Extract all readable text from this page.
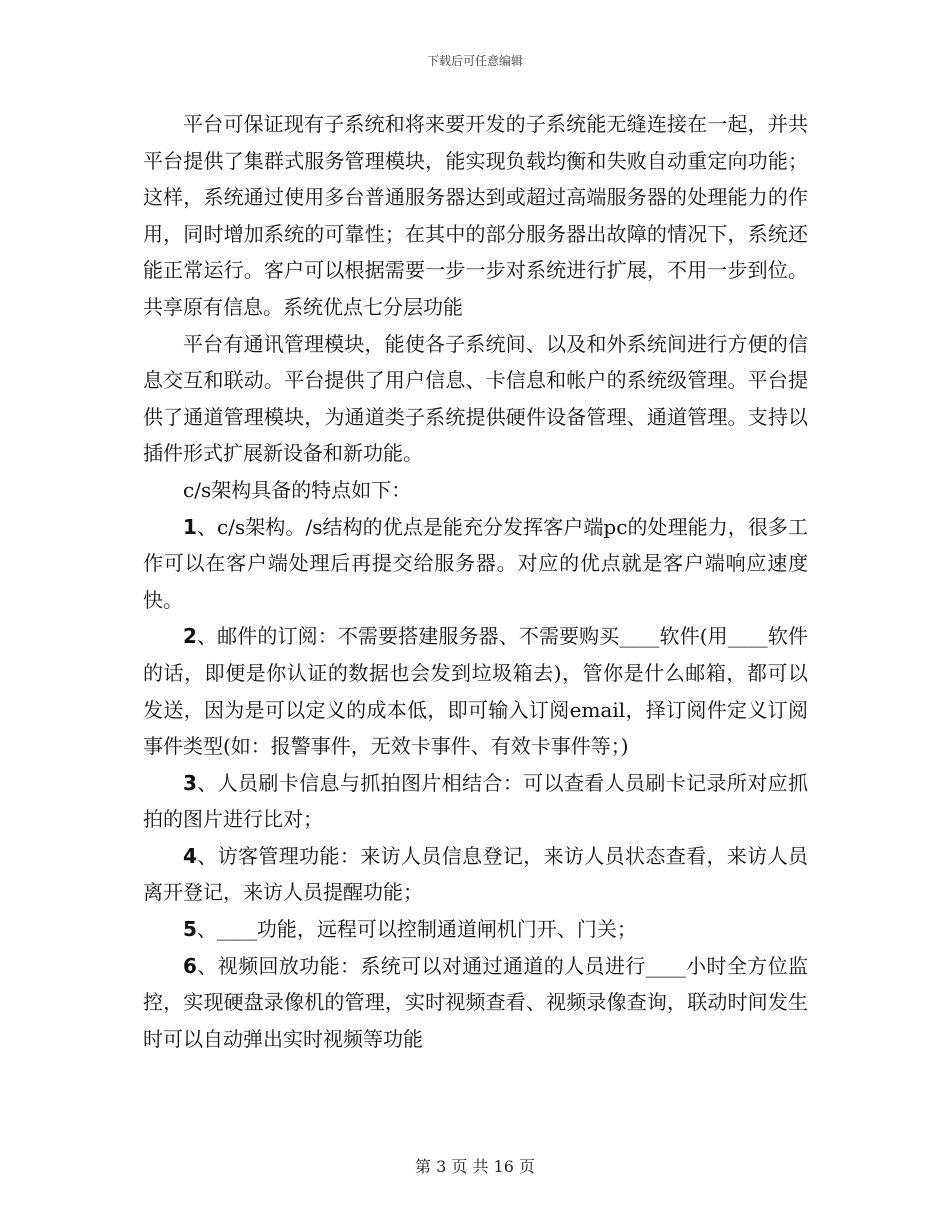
下载后可任意编辑

平台可保证现有子系统和将来要开发的子系统能无缝连接在一起，并共平台提供了集群式服务管理模块，能实现负载均衡和失败自动重定向功能；这样，系统通过使用多台普通服务器达到或超过高端服务器的处理能力的作用，同时增加系统的可靠性；在其中的部分服务器出故障的情况下，系统还能正常运行。客户可以根据需要一步一步对系统进行扩展，不用一步到位。共享原有信息。系统优点七分层功能

平台有通讯管理模块，能使各子系统间、以及和外系统间进行方便的信息交互和联动。平台提供了用户信息、卡信息和帐户的系统级管理。平台提供了通道管理模块，为通道类子系统提供硬件设备管理、通道管理。支持以插件形式扩展新设备和新功能。

c/s架构具备的特点如下：

1、c/s架构。/s结构的优点是能充分发挥客户端pc的处理能力，很多工作可以在客户端处理后再提交给服务器。对应的优点就是客户端响应速度快。

2、邮件的订阅：不需要搭建服务器、不需要购买____软件(用____软件的话，即便是你认证的数据也会发到垃圾箱去)，管你是什么邮箱，都可以发送，因为是可以定义的成本低，即可输入订阅email，择订阅件定义订阅事件类型(如：报警事件，无效卡事件、有效卡事件等；)

3、人员刷卡信息与抓拍图片相结合：可以查看人员刷卡记录所对应抓拍的图片进行比对；

4、访客管理功能：来访人员信息登记，来访人员状态查看，来访人员离开登记，来访人员提醒功能；

5、____功能，远程可以控制通道闸机门开、门关；

6、视频回放功能：系统可以对通过通道的人员进行____小时全方位监控，实现硬盘录像机的管理，实时视频查看、视频录像查询，联动时间发生时可以自动弹出实时视频等功能

第 3 页 共 16 页
